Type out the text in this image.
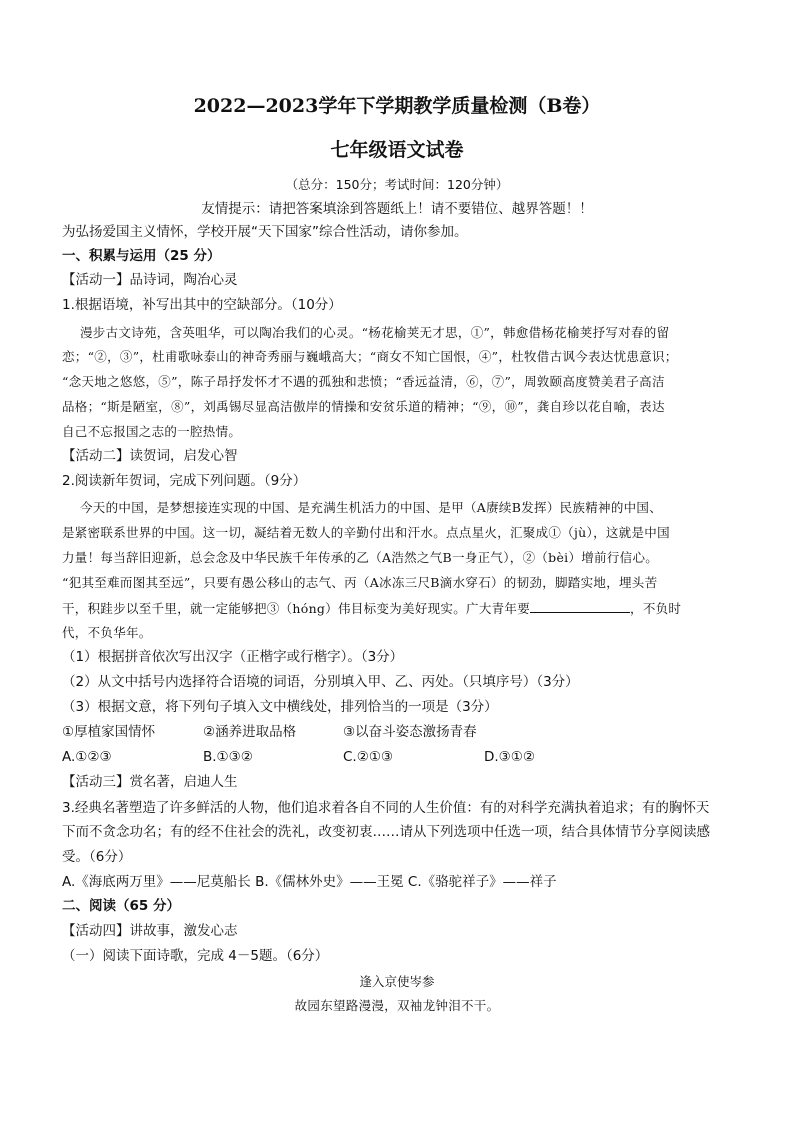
2022—2023学年下学期教学质量检测（B卷）
七年级语文试卷
（总分：150分；考试时间：120分钟）
友情提示：请把答案填涂到答题纸上！请不要错位、越界答题！！
为弘扬爱国主义情怀，学校开展“天下国家”综合性活动，请你参加。
一、积累与运用（25 分）
【活动一】品诗词，陶冶心灵
1.根据语境，补写出其中的空缺部分。（10分）
漫步古文诗苑，含英咀华，可以陶冶我们的心灵。“杨花榆荚无才思，①”，韩愈借杨花榆荚抒写对春的留
恋；“②，③”，杜甫歌咏泰山的神奇秀丽与巍峨高大；“商女不知亡国恨，④”，杜牧借古讽今表达忧患意识；
“念天地之悠悠，⑤”，陈子昂抒发怀才不遇的孤独和悲愤；“香远益清，⑥，⑦”，周敦颐高度赞美君子高洁
品格；“斯是陋室，⑧”，刘禹锡尽显高洁傲岸的情操和安贫乐道的精神；“⑨，⑩”，龚自珍以花自喻，表达
自己不忘报国之志的一腔热情。
【活动二】读贺词，启发心智
2.阅读新年贺词，完成下列问题。（9分）
今天的中国，是梦想接连实现的中国、是充满生机活力的中国、是甲（A赓续B发挥）民族精神的中国、
是紧密联系世界的中国。这一切，凝结着无数人的辛勤付出和汗水。点点星火，汇聚成①（jù），这就是中国
力量！每当辞旧迎新，总会念及中华民族千年传承的乙（A浩然之气B一身正气），②（bèi）增前行信心。
“犯其至难而图其至远”，只要有愚公移山的志气、丙（A冰冻三尺B滴水穿石）的韧劲，脚踏实地，埋头苦
干，积跬步以至千里，就一定能够把③（hóng）伟目标变为美好现实。广大青年要	，不负时
代，不负华年。
（1）根据拼音依次写出汉字（正楷字或行楷字）。（3分）
（2）从文中括号内选择符合语境的词语，分别填入甲、乙、丙处。（只填序号）（3分）
（3）根据文意，将下列句子填入文中横线处，排列恰当的一项是（3分）
①厚植家国情怀	②涵养进取品格	③以奋斗姿态激扬青春
A.①②③	B.①③②	C.②①③	D.③①②
【活动三】赏名著，启迪人生
3.经典名著塑造了许多鲜活的人物，他们追求着各自不同的人生价值：有的对科学充满执着追求；有的胸怀天
下而不贪念功名；有的经不住社会的洗礼，改变初衷……请从下列选项中任选一项，结合具体情节分享阅读感
受。（6分）
A.《海底两万里》——尼莫船长 B.《儒林外史》——王冕 C.《骆驼祥子》——祥子
二、阅读（65 分）
【活动四】讲故事，激发心志
（一）阅读下面诗歌，完成 4－5题。（6分）
逢入京使岑参
故园东望路漫漫，双袖龙钟泪不干。
